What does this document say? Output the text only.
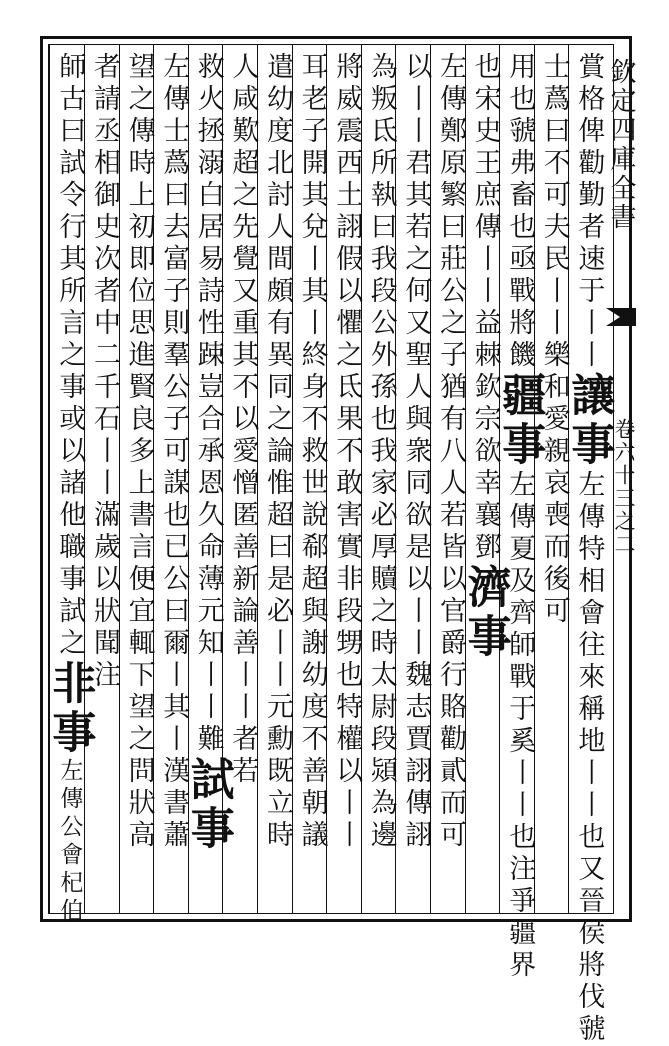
賞格俾勸勤者速于丨丨讓事左傳特相會往來稱地丨丨也又晉侯將伐虢
士蔿曰不可夫民丨丨樂和愛親哀喪而後可
用也虢弗畜也亟戰將饑疆事左傳夏及齊師戰于奚丨丨也注爭疆界
也宋史王庶傳丨丨益棘欽宗欲幸襄鄧濟事
左傳鄭原繁曰莊公之子猶有八人若皆以官爵行賂勸貳而可
以丨丨君其若之何又聖人與衆同欲是以丨丨魏志賈詡傳詡
為叛氐所執曰我段公外孫也我家必厚贖之時太尉段熲為邊
將威震西土詡假以懼之氐果不敢害實非段甥也特權以丨丨
耳老子開其兌丨其丨終身不救世說郗超與謝幼度不善朝議
遣幼度北討人間頗有異同之論惟超曰是必丨丨元勳既立時
人咸歎超之先覺又重其不以愛憎匿善新論善丨丨者若
救火拯溺白居易詩性踈豈合承恩久命薄元知丨丨難試事
左傳士蔿曰去富子則羣公子可謀也已公曰爾丨其丨漢書蕭
望之傳時上初即位思進賢良多上書言便宜輒下望之問狀高
者請丞相御史次者中二千石丨丨滿歲以狀聞注
師古曰試令行其所言之事或以諸他職事試之非事左傳公會杞伯
欽定四庫全書
卷六十三之二
